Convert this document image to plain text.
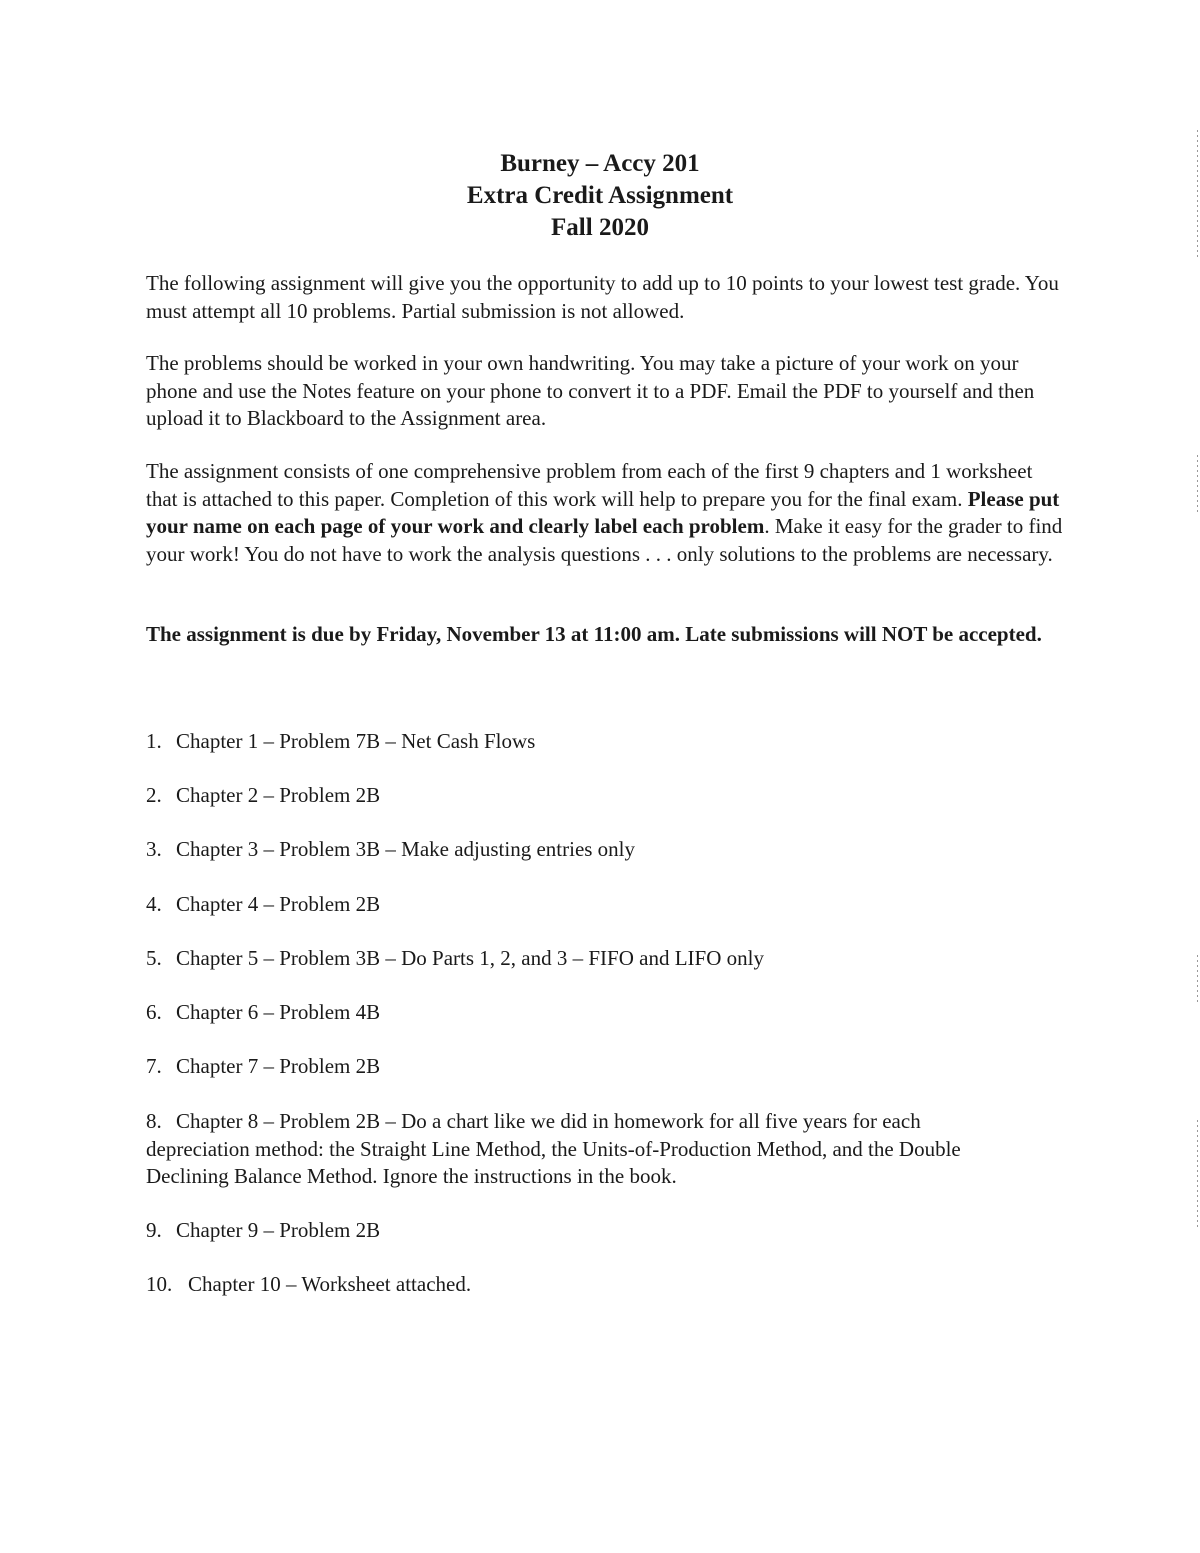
Burney – Accy 201
Extra Credit Assignment
Fall 2020

The following assignment will give you the opportunity to add up to 10 points to your lowest test grade. You must attempt all 10 problems. Partial submission is not allowed.

The problems should be worked in your own handwriting. You may take a picture of your work on your phone and use the Notes feature on your phone to convert it to a PDF. Email the PDF to yourself and then upload it to Blackboard to the Assignment area.

The assignment consists of one comprehensive problem from each of the first 9 chapters and 1 worksheet that is attached to this paper. Completion of this work will help to prepare you for the final exam. Please put your name on each page of your work and clearly label each problem. Make it easy for the grader to find your work! You do not have to work the analysis questions . . . only solutions to the problems are necessary.

The assignment is due by Friday, November 13 at 11:00 am. Late submissions will NOT be accepted.

1. Chapter 1 – Problem 7B – Net Cash Flows
2. Chapter 2 – Problem 2B
3. Chapter 3 – Problem 3B – Make adjusting entries only
4. Chapter 4 – Problem 2B
5. Chapter 5 – Problem 3B – Do Parts 1, 2, and 3 – FIFO and LIFO only
6. Chapter 6 – Problem 4B
7. Chapter 7 – Problem 2B
8. Chapter 8 – Problem 2B – Do a chart like we did in homework for all five years for each depreciation method: the Straight Line Method, the Units-of-Production Method, and the Double Declining Balance Method. Ignore the instructions in the book.
9. Chapter 9 – Problem 2B
10. Chapter 10 – Worksheet attached.
